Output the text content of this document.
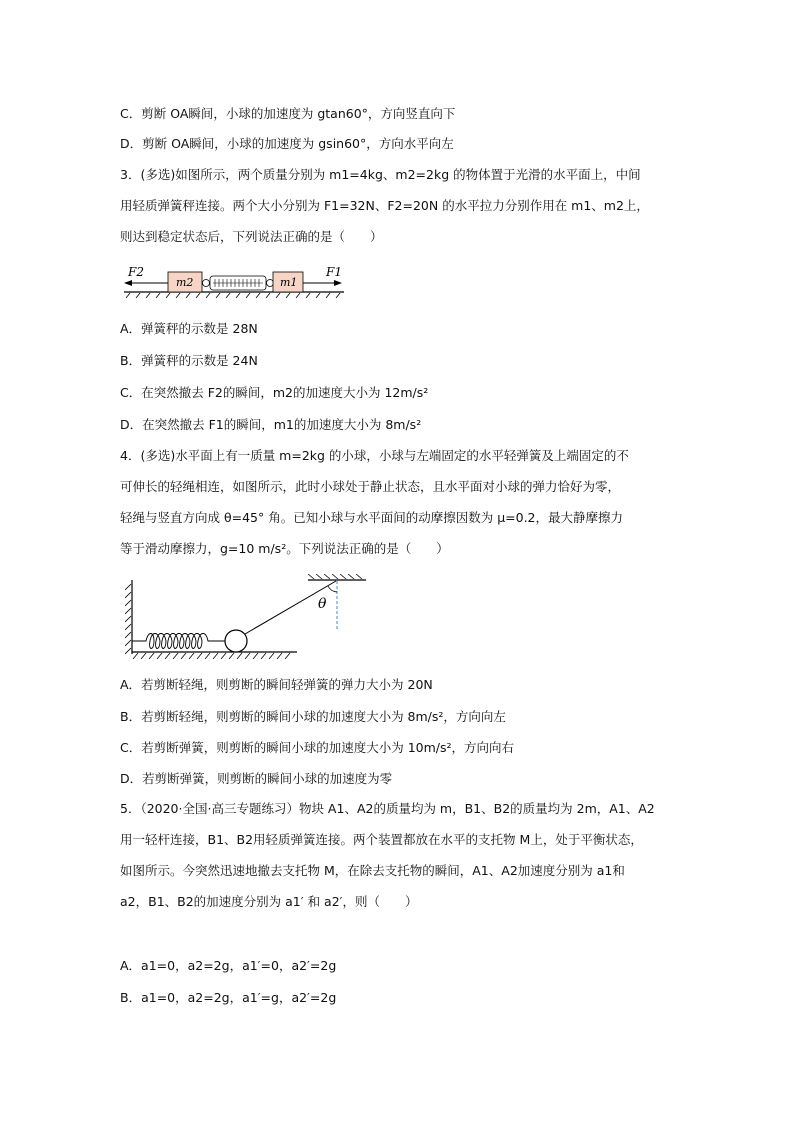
C．剪断 OA瞬间，小球的加速度为 gtan60°，方向竖直向下
D．剪断 OA瞬间，小球的加速度为 gsin60°，方向水平向左
3．(多选)如图所示，两个质量分别为 m1=4kg、m2=2kg 的物体置于光滑的水平面上，中间
用轻质弹簧秤连接。两个大小分别为 F1=32N、F2=20N 的水平拉力分别作用在 m1、m2上，
则达到稳定状态后，下列说法正确的是（　　）
F2
m2	m1
F1
A．弹簧秤的示数是 28N
B．弹簧秤的示数是 24N
C．在突然撤去 F2的瞬间，m2的加速度大小为 12m/s²
D．在突然撤去 F1的瞬间，m1的加速度大小为 8m/s²
4．(多选)水平面上有一质量 m=2kg 的小球，小球与左端固定的水平轻弹簧及上端固定的不
可伸长的轻绳相连，如图所示，此时小球处于静止状态，且水平面对小球的弹力恰好为零，
轻绳与竖直方向成 θ=45° 角。已知小球与水平面间的动摩擦因数为 μ=0.2，最大静摩擦力
等于滑动摩擦力，g=10 m/s²。下列说法正确的是（　　）
θ
A．若剪断轻绳，则剪断的瞬间轻弹簧的弹力大小为 20N
B．若剪断轻绳，则剪断的瞬间小球的加速度大小为 8m/s²，方向向左
C．若剪断弹簧，则剪断的瞬间小球的加速度大小为 10m/s²，方向向右
D．若剪断弹簧，则剪断的瞬间小球的加速度为零
5．（2020·全国·高三专题练习）物块 A1、A2的质量均为 m，B1、B2的质量均为 2m，A1、A2
用一轻杆连接，B1、B2用轻质弹簧连接。两个装置都放在水平的支托物 M上，处于平衡状态，
如图所示。今突然迅速地撤去支托物 M，在除去支托物的瞬间，A1、A2加速度分别为 a1和
a2，B1、B2的加速度分别为 a1′ 和 a2′，则（　　）
A．a1=0，a2=2g，a1′=0，a2′=2g
B．a1=0，a2=2g，a1′=g，a2′=2g
